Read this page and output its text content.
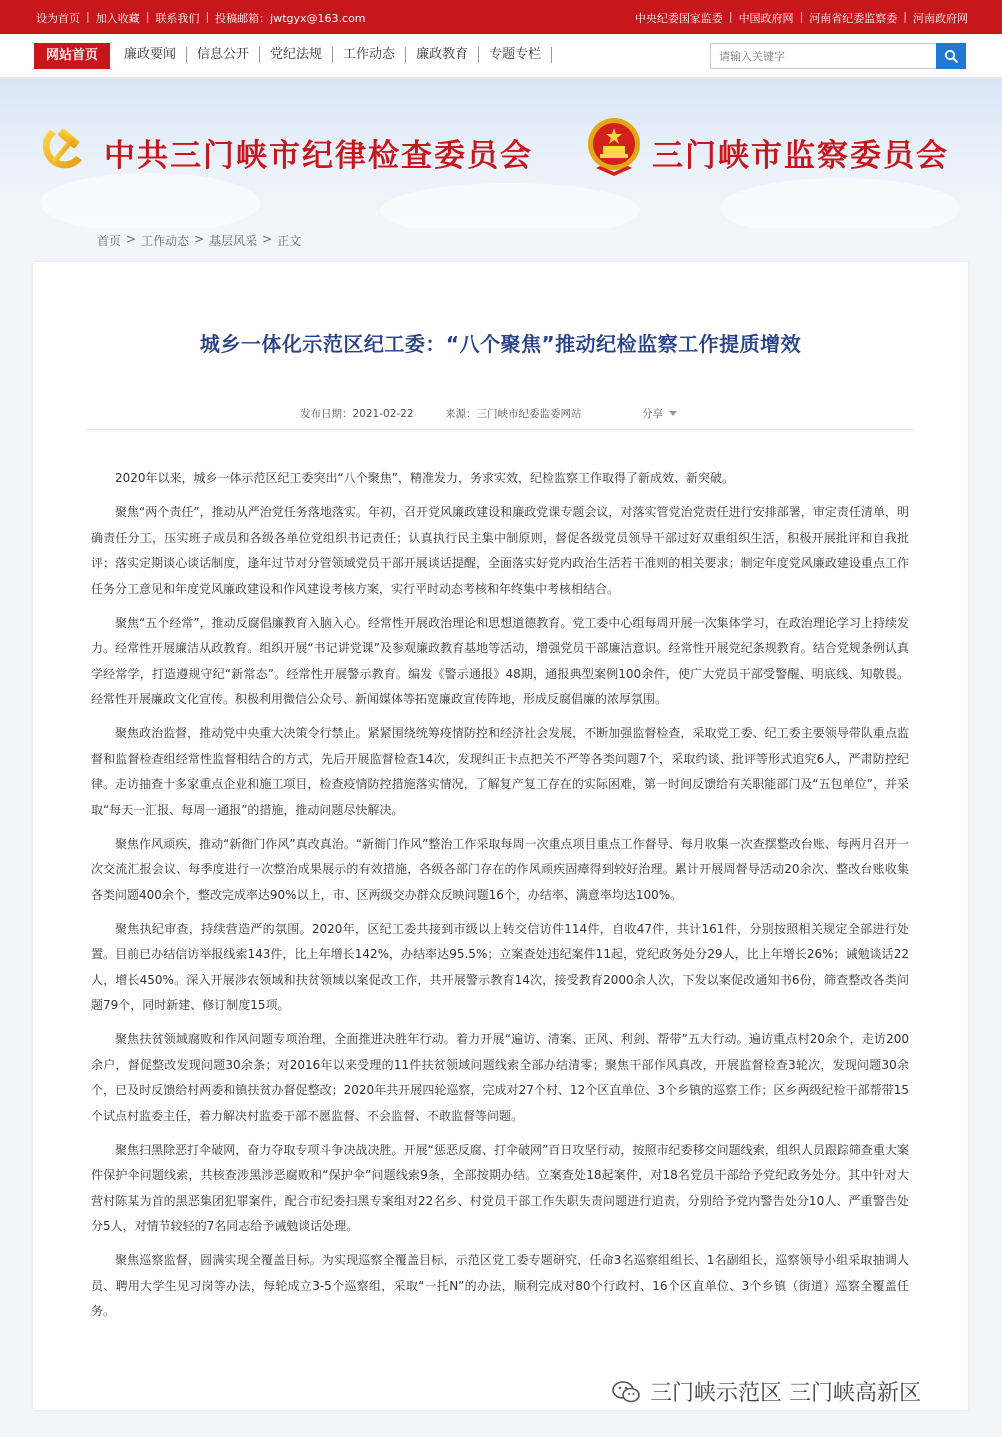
设为首页 | 加入收藏 | 联系我们 | 投稿邮箱：jwtgyx@163.com	中央纪委国家监委 | 中国政府网 | 河南省纪委监察委 | 河南政府网
网站首页	廉政要闻	信息公开	党纪法规	工作动态	廉政教育	专题专栏
请输入关键字
中共三门峡市纪律检查委员会	三门峡市监察委员会
首页 > 工作动态 > 基层风采 > 正文
城乡一体化示范区纪工委：“八个聚焦”推动纪检监察工作提质增效
发布日期：2021-02-22	来源：三门峡市纪委监委网站	分享

2020年以来，城乡一体示范区纪工委突出“八个聚焦”，精准发力，务求实效，纪检监察工作取得了新成效、新突破。

聚焦“两个责任”，推动从严治党任务落地落实。年初，召开党风廉政建设和廉政党课专题会议，对落实管党治党责任进行安排部署，审定责任清单，明确责任分工，压实班子成员和各级各单位党组织书记责任；认真执行民主集中制原则，督促各级党员领导干部过好双重组织生活，积极开展批评和自我批评；落实定期谈心谈话制度，逢年过节对分管领域党员干部开展谈话提醒，全面落实好党内政治生活若干准则的相关要求；制定年度党风廉政建设重点工作任务分工意见和年度党风廉政建设和作风建设考核方案，实行平时动态考核和年终集中考核相结合。

聚焦“五个经常”，推动反腐倡廉教育入脑入心。经常性开展政治理论和思想道德教育。党工委中心组每周开展一次集体学习，在政治理论学习上持续发力。经常性开展廉洁从政教育。组织开展“书记讲党课”及参观廉政教育基地等活动，增强党员干部廉洁意识。经常性开展党纪条规教育。结合党规条例认真学经常学，打造遵规守纪“新常态”。经常性开展警示教育。编发《警示通报》48期，通报典型案例100余件，使广大党员干部受警醒、明底线、知敬畏。经常性开展廉政文化宣传。积极利用微信公众号、新闻媒体等拓宽廉政宣传阵地，形成反腐倡廉的浓厚氛围。

聚焦政治监督，推动党中央重大决策令行禁止。紧紧围绕统筹疫情防控和经济社会发展，不断加强监督检查，采取党工委、纪工委主要领导带队重点监督和监督检查组经常性监督相结合的方式，先后开展监督检查14次，发现纠正卡点把关不严等各类问题7个，采取约谈、批评等形式追究6人，严肃防控纪律。走访抽查十多家重点企业和施工项目，检查疫情防控措施落实情况，了解复产复工存在的实际困难，第一时间反馈给有关职能部门及“五包单位”，并采取“每天一汇报、每周一通报”的措施，推动问题尽快解决。

聚焦作风顽疾，推动“新衙门作风”真改真治。“新衙门作风”整治工作采取每周一次重点项目重点工作督导、每月收集一次查摆整改台账、每两月召开一次交流汇报会议、每季度进行一次整治成果展示的有效措施，各级各部门存在的作风顽疾固瘴得到较好治理。累计开展周督导活动20余次、整改台账收集各类问题400余个，整改完成率达90%以上，市、区两级交办群众反映问题16个，办结率、满意率均达100%。

聚焦执纪审查，持续营造严的氛围。2020年，区纪工委共接到市级以上转交信访件114件，自收47件，共计161件，分别按照相关规定全部进行处置。目前已办结信访举报线索143件，比上年增长142%，办结率达95.5%；立案查处违纪案件11起，党纪政务处分29人，比上年增长26%；诫勉谈话22人，增长450%。深入开展涉农领域和扶贫领域以案促改工作，共开展警示教育14次，接受教育2000余人次，下发以案促改通知书6份，筛查整改各类问题79个，同时新建、修订制度15项。

聚焦扶贫领域腐败和作风问题专项治理，全面推进决胜年行动。着力开展“遍访、清案、正风、利剑、帮带”五大行动。遍访重点村20余个，走访200余户，督促整改发现问题30余条；对2016年以来受理的11件扶贫领域问题线索全部办结清零；聚焦干部作风真改，开展监督检查3轮次，发现问题30余个，已及时反馈给村两委和镇扶贫办督促整改；2020年共开展四轮巡察，完成对27个村、12个区直单位、3个乡镇的巡察工作；区乡两级纪检干部帮带15个试点村监委主任，着力解决村监委干部不愿监督、不会监督、不敢监督等问题。

聚焦扫黑除恶打伞破网，奋力夺取专项斗争决战决胜。开展“惩恶反腐、打伞破网”百日攻坚行动，按照市纪委移交问题线索，组织人员跟踪筛查重大案件保护伞问题线索，共核查涉黑涉恶腐败和“保护伞”问题线索9条，全部按期办结。立案查处18起案件，对18名党员干部给予党纪政务处分。其中针对大营村陈某为首的黑恶集团犯罪案件，配合市纪委扫黑专案组对22名乡、村党员干部工作失职失责问题进行追责，分别给予党内警告处分10人、严重警告处分5人，对情节较轻的7名同志给予诫勉谈话处理。

聚焦巡察监督，圆满实现全覆盖目标。为实现巡察全覆盖目标，示范区党工委专题研究，任命3名巡察组组长、1名副组长，巡察领导小组采取抽调人员、聘用大学生见习岗等办法，每轮成立3-5个巡察组，采取“一托N”的办法，顺利完成对80个行政村、16个区直单位、3个乡镇（街道）巡察全覆盖任务。

三门峡示范区 三门峡高新区
